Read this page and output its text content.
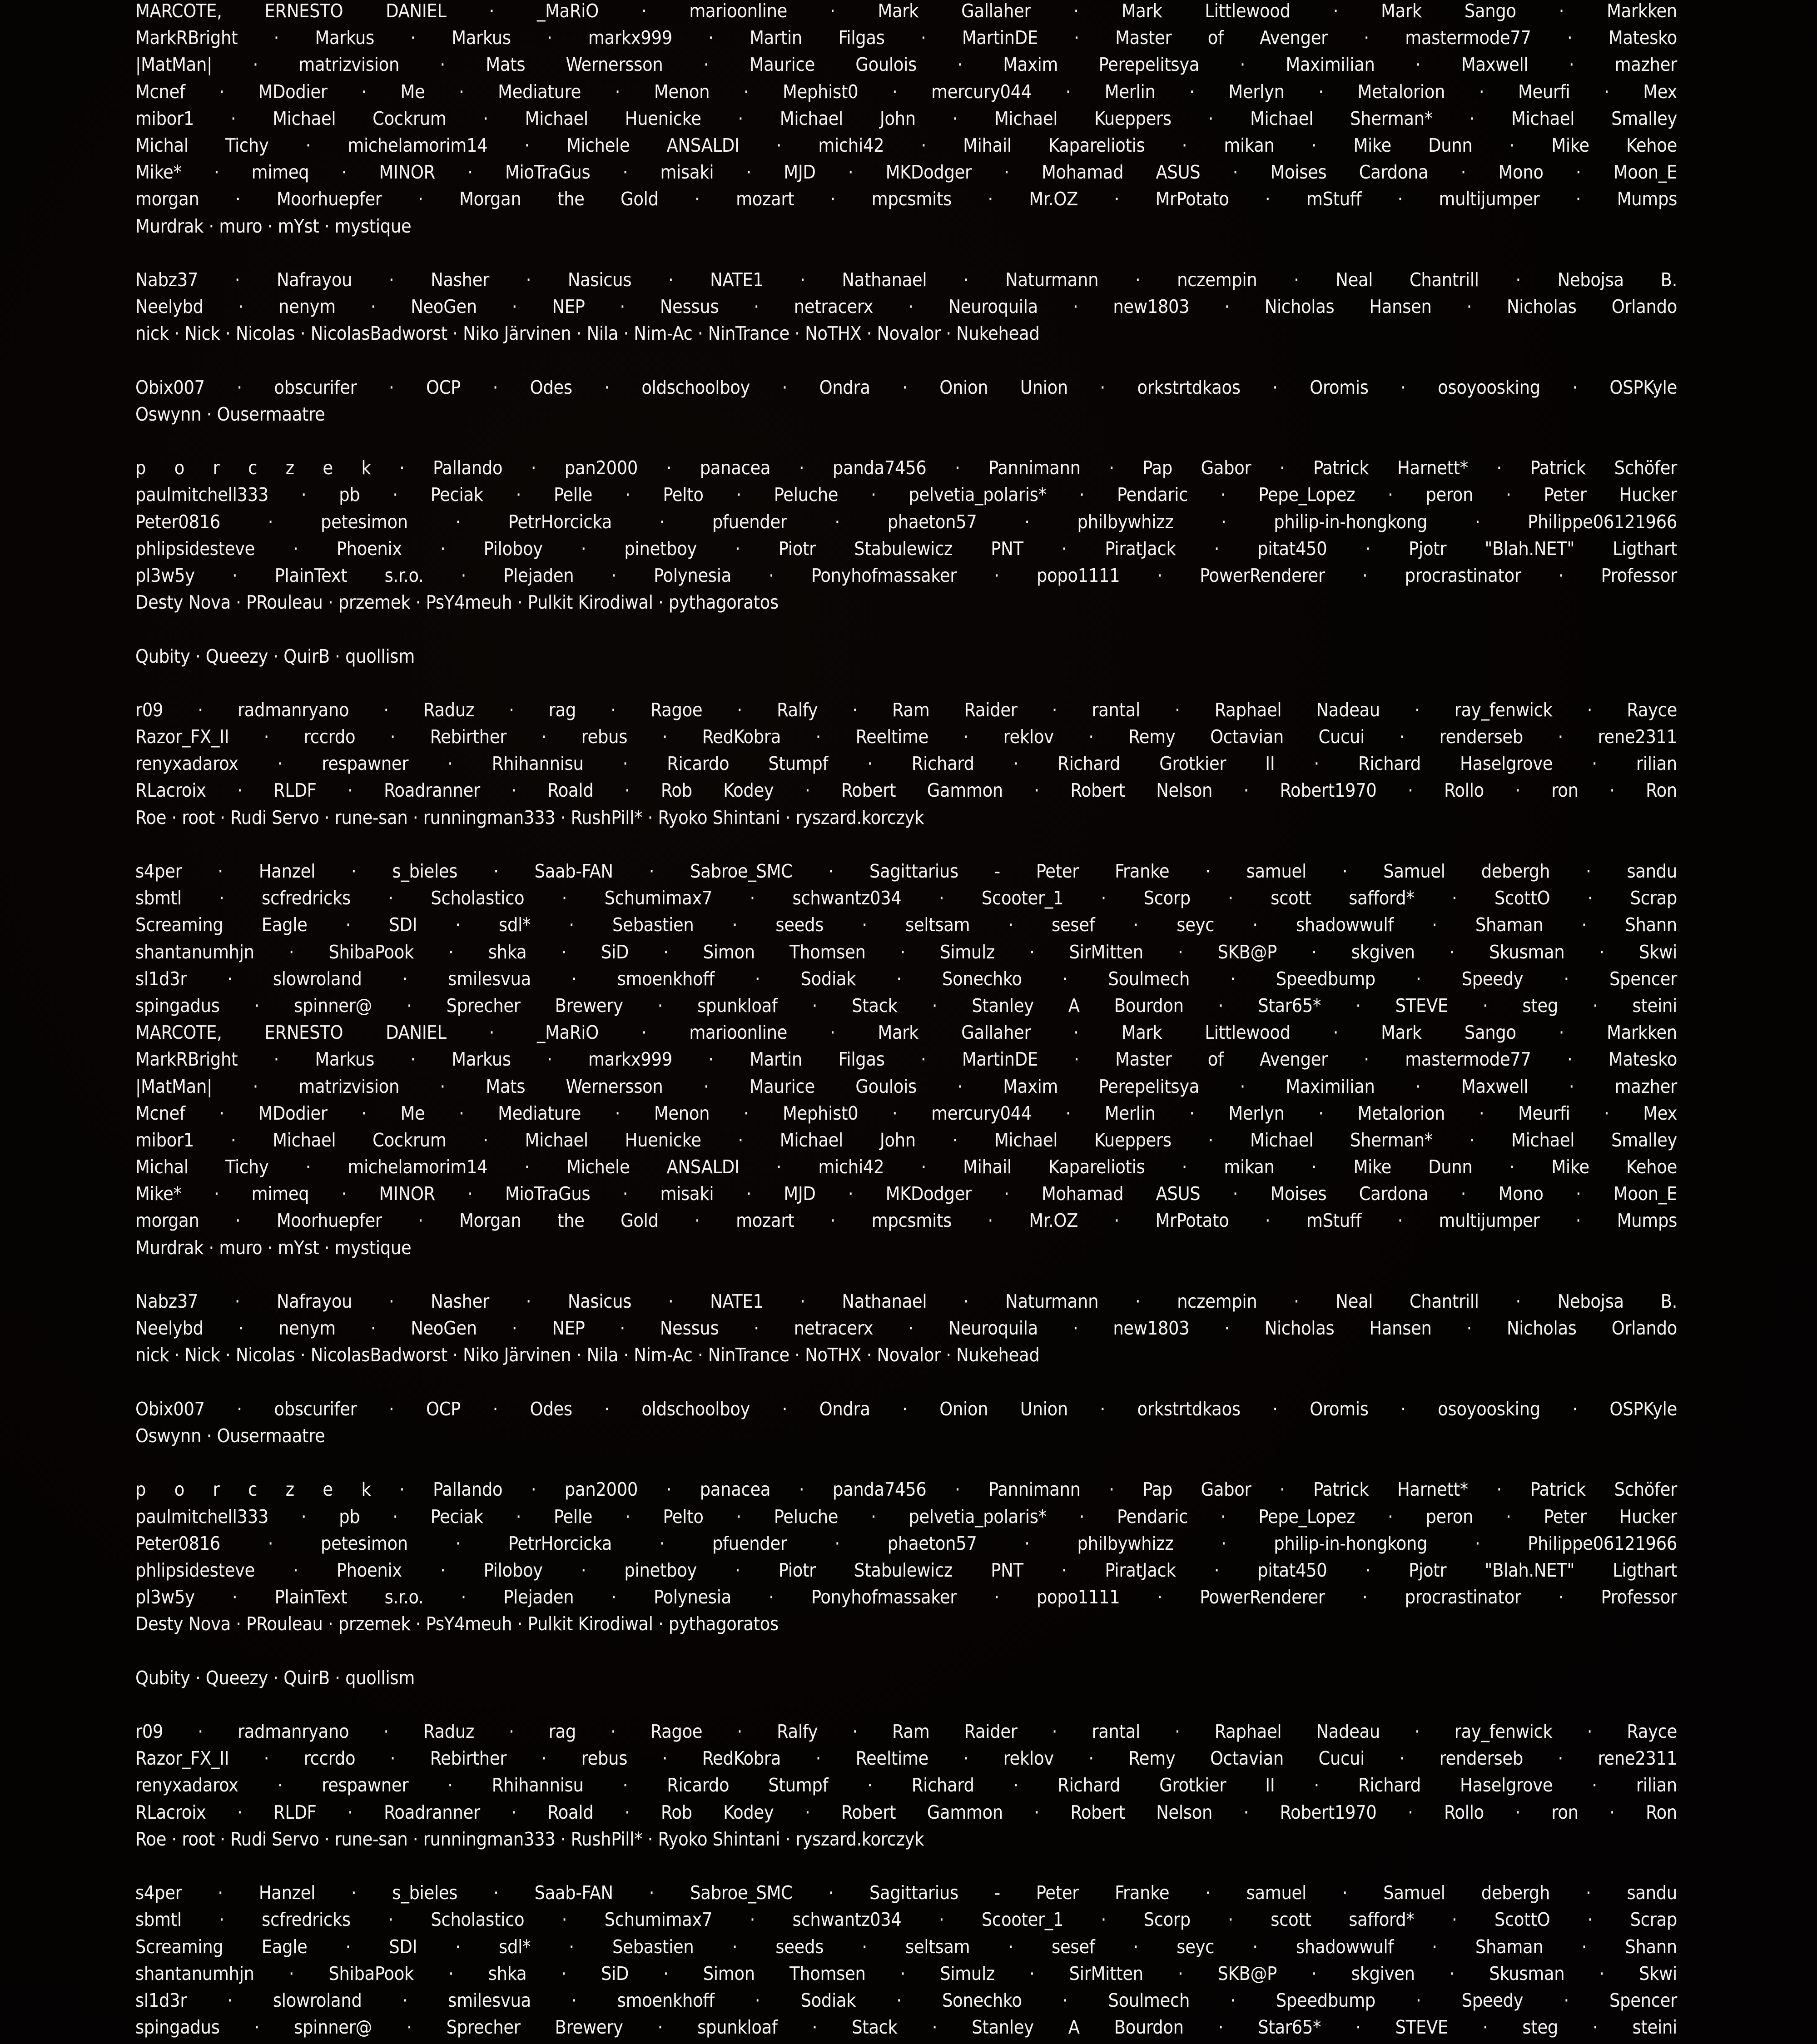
MARCOTE, ERNESTO DANIEL · _MaRiO · marioonline · Mark Gallaher · Mark Littlewood · Mark Sango · Markken
MarkRBright · Markus · Markus · markx999 · Martin Filgas · MartinDE · Master of Avenger · mastermode77 · Matesko
|MatMan| · matrizvision · Mats Wernersson · Maurice Goulois · Maxim Perepelitsya · Maximilian · Maxwell · mazher
Mcnef · MDodier · Me · Mediature · Menon · Mephist0 · mercury044 · Merlin · Merlyn · Metalorion · Meurfi · Mex
mibor1 · Michael Cockrum · Michael Huenicke · Michael John · Michael Kueppers · Michael Sherman* · Michael Smalley
Michal Tichy · michelamorim14 · Michele ANSALDI · michi42 · Mihail Kapareliotis · mikan · Mike Dunn · Mike Kehoe
Mike* · mimeq · MINOR · MioTraGus · misaki · MJD · MKDodger · Mohamad ASUS · Moises Cardona · Mono · Moon_E
morgan · Moorhuepfer · Morgan the Gold · mozart · mpcsmits · Mr.OZ · MrPotato · mStuff · multijumper · Mumps
Murdrak · muro · mYst · mystique
Nabz37 · Nafrayou · Nasher · Nasicus · NATE1 · Nathanael · Naturmann · nczempin · Neal Chantrill · Nebojsa B.
Neelybd · nenym · NeoGen · NEP · Nessus · netracerx · Neuroquila · new1803 · Nicholas Hansen · Nicholas Orlando
nick · Nick · Nicolas · NicolasBadworst · Niko Järvinen · Nila · Nim-Ac · NinTrance · NoTHX · Novalor · Nukehead
Obix007 · obscurifer · OCP · Odes · oldschoolboy · Ondra · Onion Union · orkstrtdkaos · Oromis · osoyoosking · OSPKyle
Oswynn · Ousermaatre
p o r c z e k · Pallando · pan2000 · panacea · panda7456 · Pannimann · Pap Gabor · Patrick Harnett* · Patrick Schöfer
paulmitchell333 · pb · Peciak · Pelle · Pelto · Peluche · pelvetia_polaris* · Pendaric · Pepe_Lopez · peron · Peter Hucker
Peter0816 · petesimon · PetrHorcicka · pfuender · phaeton57 · philbywhizz · philip-in-hongkong · Philippe06121966
phlipsidesteve · Phoenix · Piloboy · pinetboy · Piotr Stabulewicz PNT · PiratJack · pitat450 · Pjotr "Blah.NET" Ligthart
pl3w5y · PlainText s.r.o. · Plejaden · Polynesia · Ponyhofmassaker · popo1111 · PowerRenderer · procrastinator · Professor
Desty Nova · PRouleau · przemek · PsY4meuh · Pulkit Kirodiwal · pythagoratos
Qubity · Queezy · QuirB · quollism
r09 · radmanryano · Raduz · rag · Ragoe · Ralfy · Ram Raider · rantal · Raphael Nadeau · ray_fenwick · Rayce
Razor_FX_II · rccrdo · Rebirther · rebus · RedKobra · Reeltime · reklov · Remy Octavian Cucui · renderseb · rene2311
renyxadarox · respawner · Rhihannisu · Ricardo Stumpf · Richard · Richard Grotkier II · Richard Haselgrove · rilian
RLacroix · RLDF · Roadranner · Roald · Rob Kodey · Robert Gammon · Robert Nelson · Robert1970 · Rollo · ron · Ron
Roe · root · Rudi Servo · rune-san · runningman333 · RushPill* · Ryoko Shintani · ryszard.korczyk
s4per · Hanzel · s_bieles · Saab-FAN · Sabroe_SMC · Sagittarius - Peter Franke · samuel · Samuel debergh · sandu
sbmtl · scfredricks · Scholastico · Schumimax7 · schwantz034 · Scooter_1 · Scorp · scott safford* · ScottO · Scrap
Screaming Eagle · SDI · sdl* · Sebastien · seeds · seltsam · sesef · seyc · shadowwulf · Shaman · Shann
shantanumhjn · ShibaPook · shka · SiD · Simon Thomsen · Simulz · SirMitten · SKB@P · skgiven · Skusman · Skwi
sl1d3r · slowroland · smilesvua · smoenkhoff · Sodiak · Sonechko · Soulmech · Speedbump · Speedy · Spencer
spingadus · spinner@ · Sprecher Brewery · spunkloaf · Stack · Stanley A Bourdon · Star65* · STEVE · steg · steini
MARCOTE, ERNESTO DANIEL · _MaRiO · marioonline · Mark Gallaher · Mark Littlewood · Mark Sango · Markken
MarkRBright · Markus · Markus · markx999 · Martin Filgas · MartinDE · Master of Avenger · mastermode77 · Matesko
|MatMan| · matrizvision · Mats Wernersson · Maurice Goulois · Maxim Perepelitsya · Maximilian · Maxwell · mazher
Mcnef · MDodier · Me · Mediature · Menon · Mephist0 · mercury044 · Merlin · Merlyn · Metalorion · Meurfi · Mex
mibor1 · Michael Cockrum · Michael Huenicke · Michael John · Michael Kueppers · Michael Sherman* · Michael Smalley
Michal Tichy · michelamorim14 · Michele ANSALDI · michi42 · Mihail Kapareliotis · mikan · Mike Dunn · Mike Kehoe
Mike* · mimeq · MINOR · MioTraGus · misaki · MJD · MKDodger · Mohamad ASUS · Moises Cardona · Mono · Moon_E
morgan · Moorhuepfer · Morgan the Gold · mozart · mpcsmits · Mr.OZ · MrPotato · mStuff · multijumper · Mumps
Murdrak · muro · mYst · mystique
Nabz37 · Nafrayou · Nasher · Nasicus · NATE1 · Nathanael · Naturmann · nczempin · Neal Chantrill · Nebojsa B.
Neelybd · nenym · NeoGen · NEP · Nessus · netracerx · Neuroquila · new1803 · Nicholas Hansen · Nicholas Orlando
nick · Nick · Nicolas · NicolasBadworst · Niko Järvinen · Nila · Nim-Ac · NinTrance · NoTHX · Novalor · Nukehead
Obix007 · obscurifer · OCP · Odes · oldschoolboy · Ondra · Onion Union · orkstrtdkaos · Oromis · osoyoosking · OSPKyle
Oswynn · Ousermaatre
p o r c z e k · Pallando · pan2000 · panacea · panda7456 · Pannimann · Pap Gabor · Patrick Harnett* · Patrick Schöfer
paulmitchell333 · pb · Peciak · Pelle · Pelto · Peluche · pelvetia_polaris* · Pendaric · Pepe_Lopez · peron · Peter Hucker
Peter0816 · petesimon · PetrHorcicka · pfuender · phaeton57 · philbywhizz · philip-in-hongkong · Philippe06121966
phlipsidesteve · Phoenix · Piloboy · pinetboy · Piotr Stabulewicz PNT · PiratJack · pitat450 · Pjotr "Blah.NET" Ligthart
pl3w5y · PlainText s.r.o. · Plejaden · Polynesia · Ponyhofmassaker · popo1111 · PowerRenderer · procrastinator · Professor
Desty Nova · PRouleau · przemek · PsY4meuh · Pulkit Kirodiwal · pythagoratos
Qubity · Queezy · QuirB · quollism
r09 · radmanryano · Raduz · rag · Ragoe · Ralfy · Ram Raider · rantal · Raphael Nadeau · ray_fenwick · Rayce
Razor_FX_II · rccrdo · Rebirther · rebus · RedKobra · Reeltime · reklov · Remy Octavian Cucui · renderseb · rene2311
renyxadarox · respawner · Rhihannisu · Ricardo Stumpf · Richard · Richard Grotkier II · Richard Haselgrove · rilian
RLacroix · RLDF · Roadranner · Roald · Rob Kodey · Robert Gammon · Robert Nelson · Robert1970 · Rollo · ron · Ron
Roe · root · Rudi Servo · rune-san · runningman333 · RushPill* · Ryoko Shintani · ryszard.korczyk
s4per · Hanzel · s_bieles · Saab-FAN · Sabroe_SMC · Sagittarius - Peter Franke · samuel · Samuel debergh · sandu
sbmtl · scfredricks · Scholastico · Schumimax7 · schwantz034 · Scooter_1 · Scorp · scott safford* · ScottO · Scrap
Screaming Eagle · SDI · sdl* · Sebastien · seeds · seltsam · sesef · seyc · shadowwulf · Shaman · Shann
shantanumhjn · ShibaPook · shka · SiD · Simon Thomsen · Simulz · SirMitten · SKB@P · skgiven · Skusman · Skwi
sl1d3r · slowroland · smilesvua · smoenkhoff · Sodiak · Sonechko · Soulmech · Speedbump · Speedy · Spencer
spingadus · spinner@ · Sprecher Brewery · spunkloaf · Stack · Stanley A Bourdon · Star65* · STEVE · steg · steini
